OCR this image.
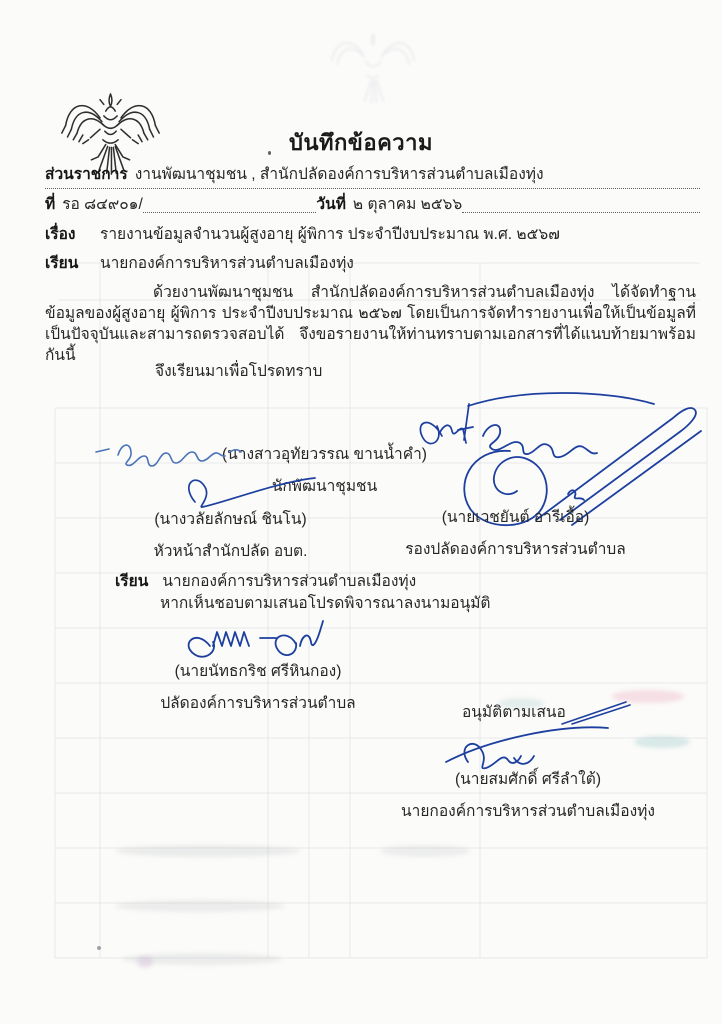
บันทึกข้อความ
ส่วนราชการ งานพัฒนาชุมชน , สำนักปลัดองค์การบริหารส่วนตำบลเมืองทุ่ง
ที่ รอ ๘๔๙๐๑/	วันที่ ๒ ตุลาคม ๒๕๖๖
เรื่อง	รายงานข้อมูลจำนวนผู้สูงอายุ ผู้พิการ ประจำปีงบประมาณ พ.ศ. ๒๕๖๗
เรียน	นายกองค์การบริหารส่วนตำบลเมืองทุ่ง
ด้วยงานพัฒนาชุมชน สำนักปลัดองค์การบริหารส่วนตำบลเมืองทุ่ง ได้จัดทำฐานข้อมูลของผู้สูงอายุ ผู้พิการ ประจำปีงบประมาณ ๒๕๖๗ โดยเป็นการจัดทำรายงานเพื่อให้เป็นข้อมูลที่เป็นปัจจุบันและสามารถตรวจสอบได้ จึงขอรายงานให้ท่านทราบตามเอกสารที่ได้แนบท้ายมาพร้อมกันนี้
จึงเรียนมาเพื่อโปรดทราบ
(นางสาวอุทัยวรรณ ขานน้ำคำ)
นักพัฒนาชุมชน
(นางวลัยลักษณ์ ชินโน)
หัวหน้าสำนักปลัด อบต.
(นายเวชยันต์ อารีเอื้อ)
รองปลัดองค์การบริหารส่วนตำบล
เรียน นายกองค์การบริหารส่วนตำบลเมืองทุ่ง
หากเห็นชอบตามเสนอโปรดพิจารณาลงนามอนุมัติ
(นายนัทธกริช ศรีหินกอง)
ปลัดองค์การบริหารส่วนตำบล
อนุมัติตามเสนอ
(นายสมศักดิ์ ศรีลำใต้)
นายกองค์การบริหารส่วนตำบลเมืองทุ่ง
